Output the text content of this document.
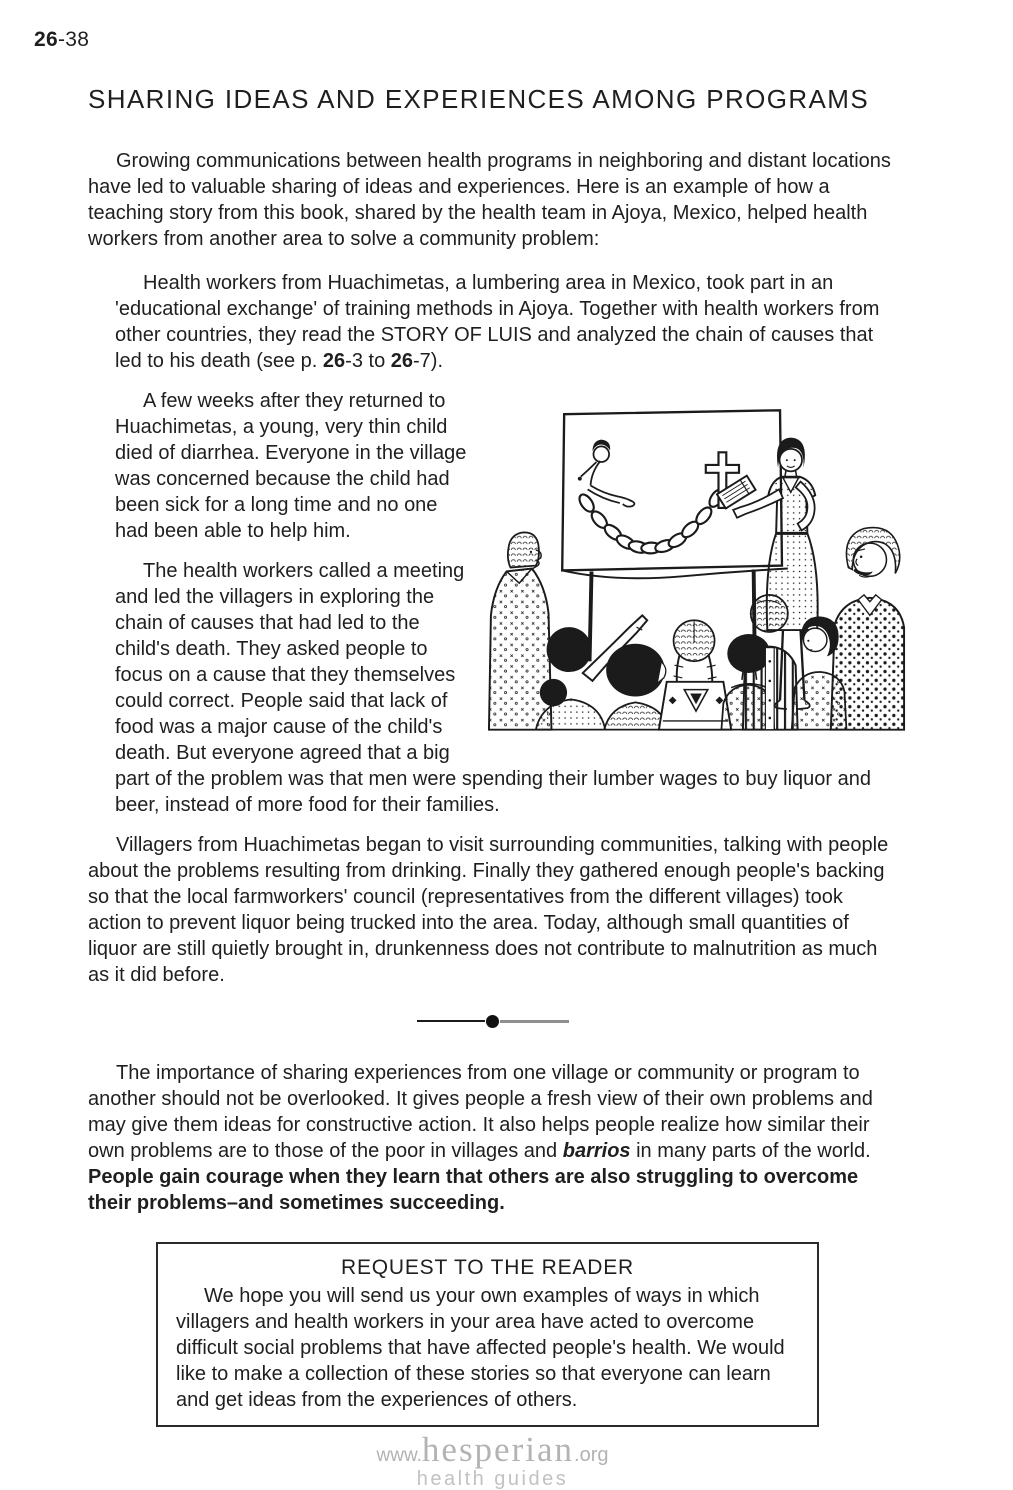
26-38
SHARING IDEAS AND EXPERIENCES AMONG PROGRAMS

Growing communications between health programs in neighboring and distant locations have led to valuable sharing of ideas and experiences. Here is an example of how a teaching story from this book, shared by the health team in Ajoya, Mexico, helped health workers from another area to solve a community problem:

Health workers from Huachimetas, a lumbering area in Mexico, took part in an 'educational exchange' of training methods in Ajoya. Together with health workers from other countries, they read the STORY OF LUIS and analyzed the chain of causes that led to his death (see p. 26-3 to 26-7).

A few weeks after they returned to Huachimetas, a young, very thin child died of diarrhea. Everyone in the village was concerned because the child had been sick for a long time and no one had been able to help him.

The health workers called a meeting and led the villagers in exploring the chain of causes that had led to the child's death. They asked people to focus on a cause that they themselves could correct. People said that lack of food was a major cause of the child's death. But everyone agreed that a big part of the problem was that men were spending their lumber wages to buy liquor and beer, instead of more food for their families.

Villagers from Huachimetas began to visit surrounding communities, talking with people about the problems resulting from drinking. Finally they gathered enough people's backing so that the local farmworkers' council (representatives from the different villages) took action to prevent liquor being trucked into the area. Today, although small quantities of liquor are still quietly brought in, drunkenness does not contribute to malnutrition as much as it did before.

The importance of sharing experiences from one village or community or program to another should not be overlooked. It gives people a fresh view of their own problems and may give them ideas for constructive action. It also helps people realize how similar their own problems are to those of the poor in villages and barrios in many parts of the world. People gain courage when they learn that others are also struggling to overcome their problems–and sometimes succeeding.

REQUEST TO THE READER

We hope you will send us your own examples of ways in which villagers and health workers in your area have acted to overcome difficult social problems that have affected people's health. We would like to make a collection of these stories so that everyone can learn and get ideas from the experiences of others.

www.hesperian.org
health guides
